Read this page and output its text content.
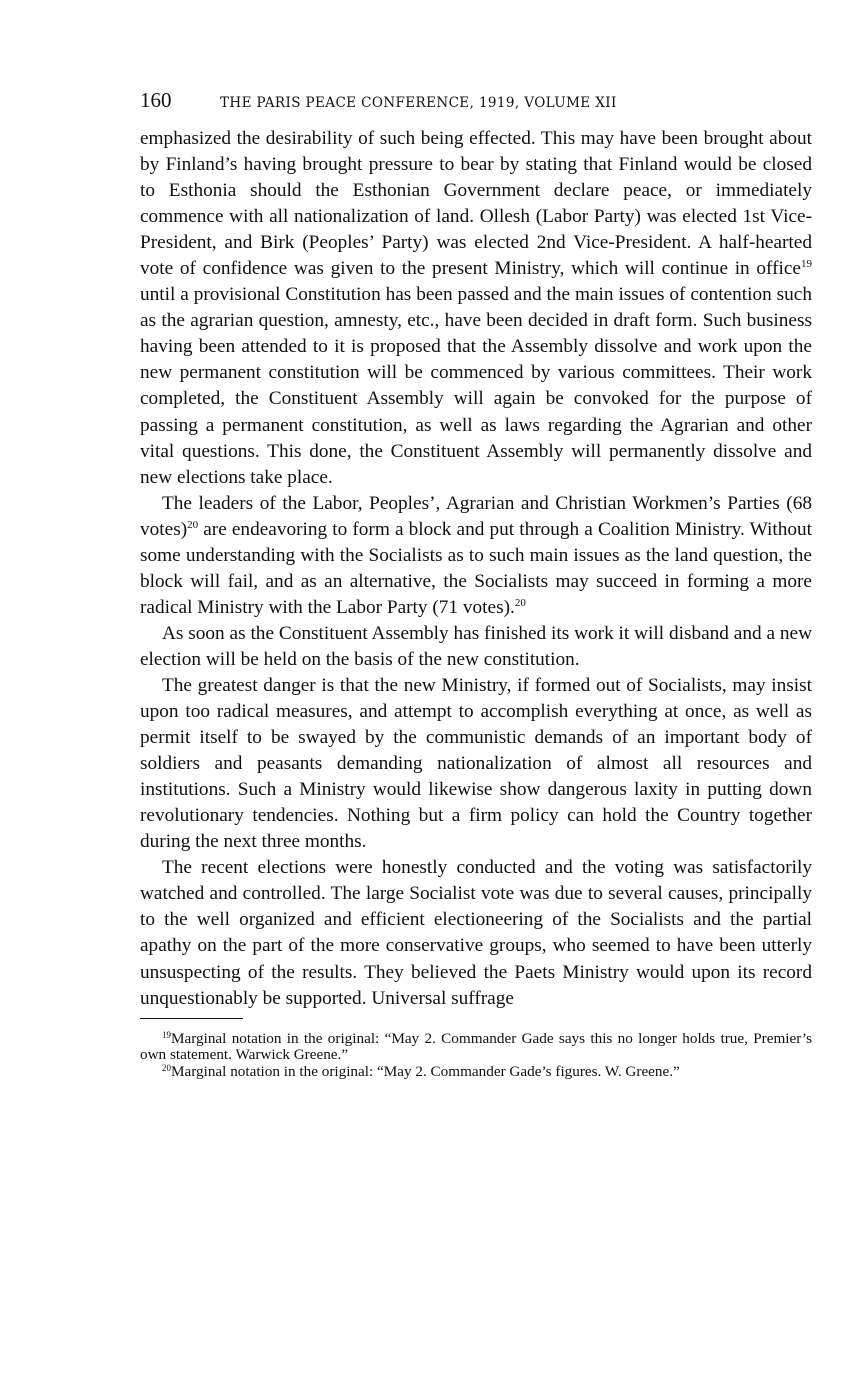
160	THE PARIS PEACE CONFERENCE, 1919, VOLUME XII

emphasized the desirability of such being effected. This may have been brought about by Finland’s having brought pressure to bear by stating that Finland would be closed to Esthonia should the Esthonian Government declare peace, or immediately commence with all nationalization of land. Ollesh (Labor Party) was elected 1st Vice-President, and Birk (Peoples’ Party) was elected 2nd Vice-President. A half-hearted vote of confidence was given to the present Ministry, which will continue in office$^{19}$ until a provisional Constitution has been passed and the main issues of contention such as the agrarian question, amnesty, etc., have been decided in draft form. Such business having been attended to it is proposed that the Assembly dissolve and work upon the new permanent constitution will be commenced by various committees. Their work completed, the Constituent Assembly will again be convoked for the purpose of passing a permanent constitution, as well as laws regarding the Agrarian and other vital questions. This done, the Constituent Assembly will permanently dissolve and new elections take place.

The leaders of the Labor, Peoples’, Agrarian and Christian Workmen’s Parties (68 votes)$^{20}$ are endeavoring to form a block and put through a Coalition Ministry. Without some understanding with the Socialists as to such main issues as the land question, the block will fail, and as an alternative, the Socialists may succeed in forming a more radical Ministry with the Labor Party (71 votes).$^{20}$

As soon as the Constituent Assembly has finished its work it will disband and a new election will be held on the basis of the new constitution.

The greatest danger is that the new Ministry, if formed out of Socialists, may insist upon too radical measures, and attempt to accomplish everything at once, as well as permit itself to be swayed by the communistic demands of an important body of soldiers and peasants demanding nationalization of almost all resources and institutions. Such a Ministry would likewise show dangerous laxity in putting down revolutionary tendencies. Nothing but a firm policy can hold the Country together during the next three months.

The recent elections were honestly conducted and the voting was satisfactorily watched and controlled. The large Socialist vote was due to several causes, principally to the well organized and efficient electioneering of the Socialists and the partial apathy on the part of the more conservative groups, who seemed to have been utterly unsuspecting of the results. They believed the Paets Ministry would upon its record unquestionably be supported. Universal suffrage

$^{19}$Marginal notation in the original: “May 2. Commander Gade says this no longer holds true, Premier’s own statement. Warwick Greene.”

$^{20}$Marginal notation in the original: “May 2. Commander Gade’s figures. W. Greene.”
